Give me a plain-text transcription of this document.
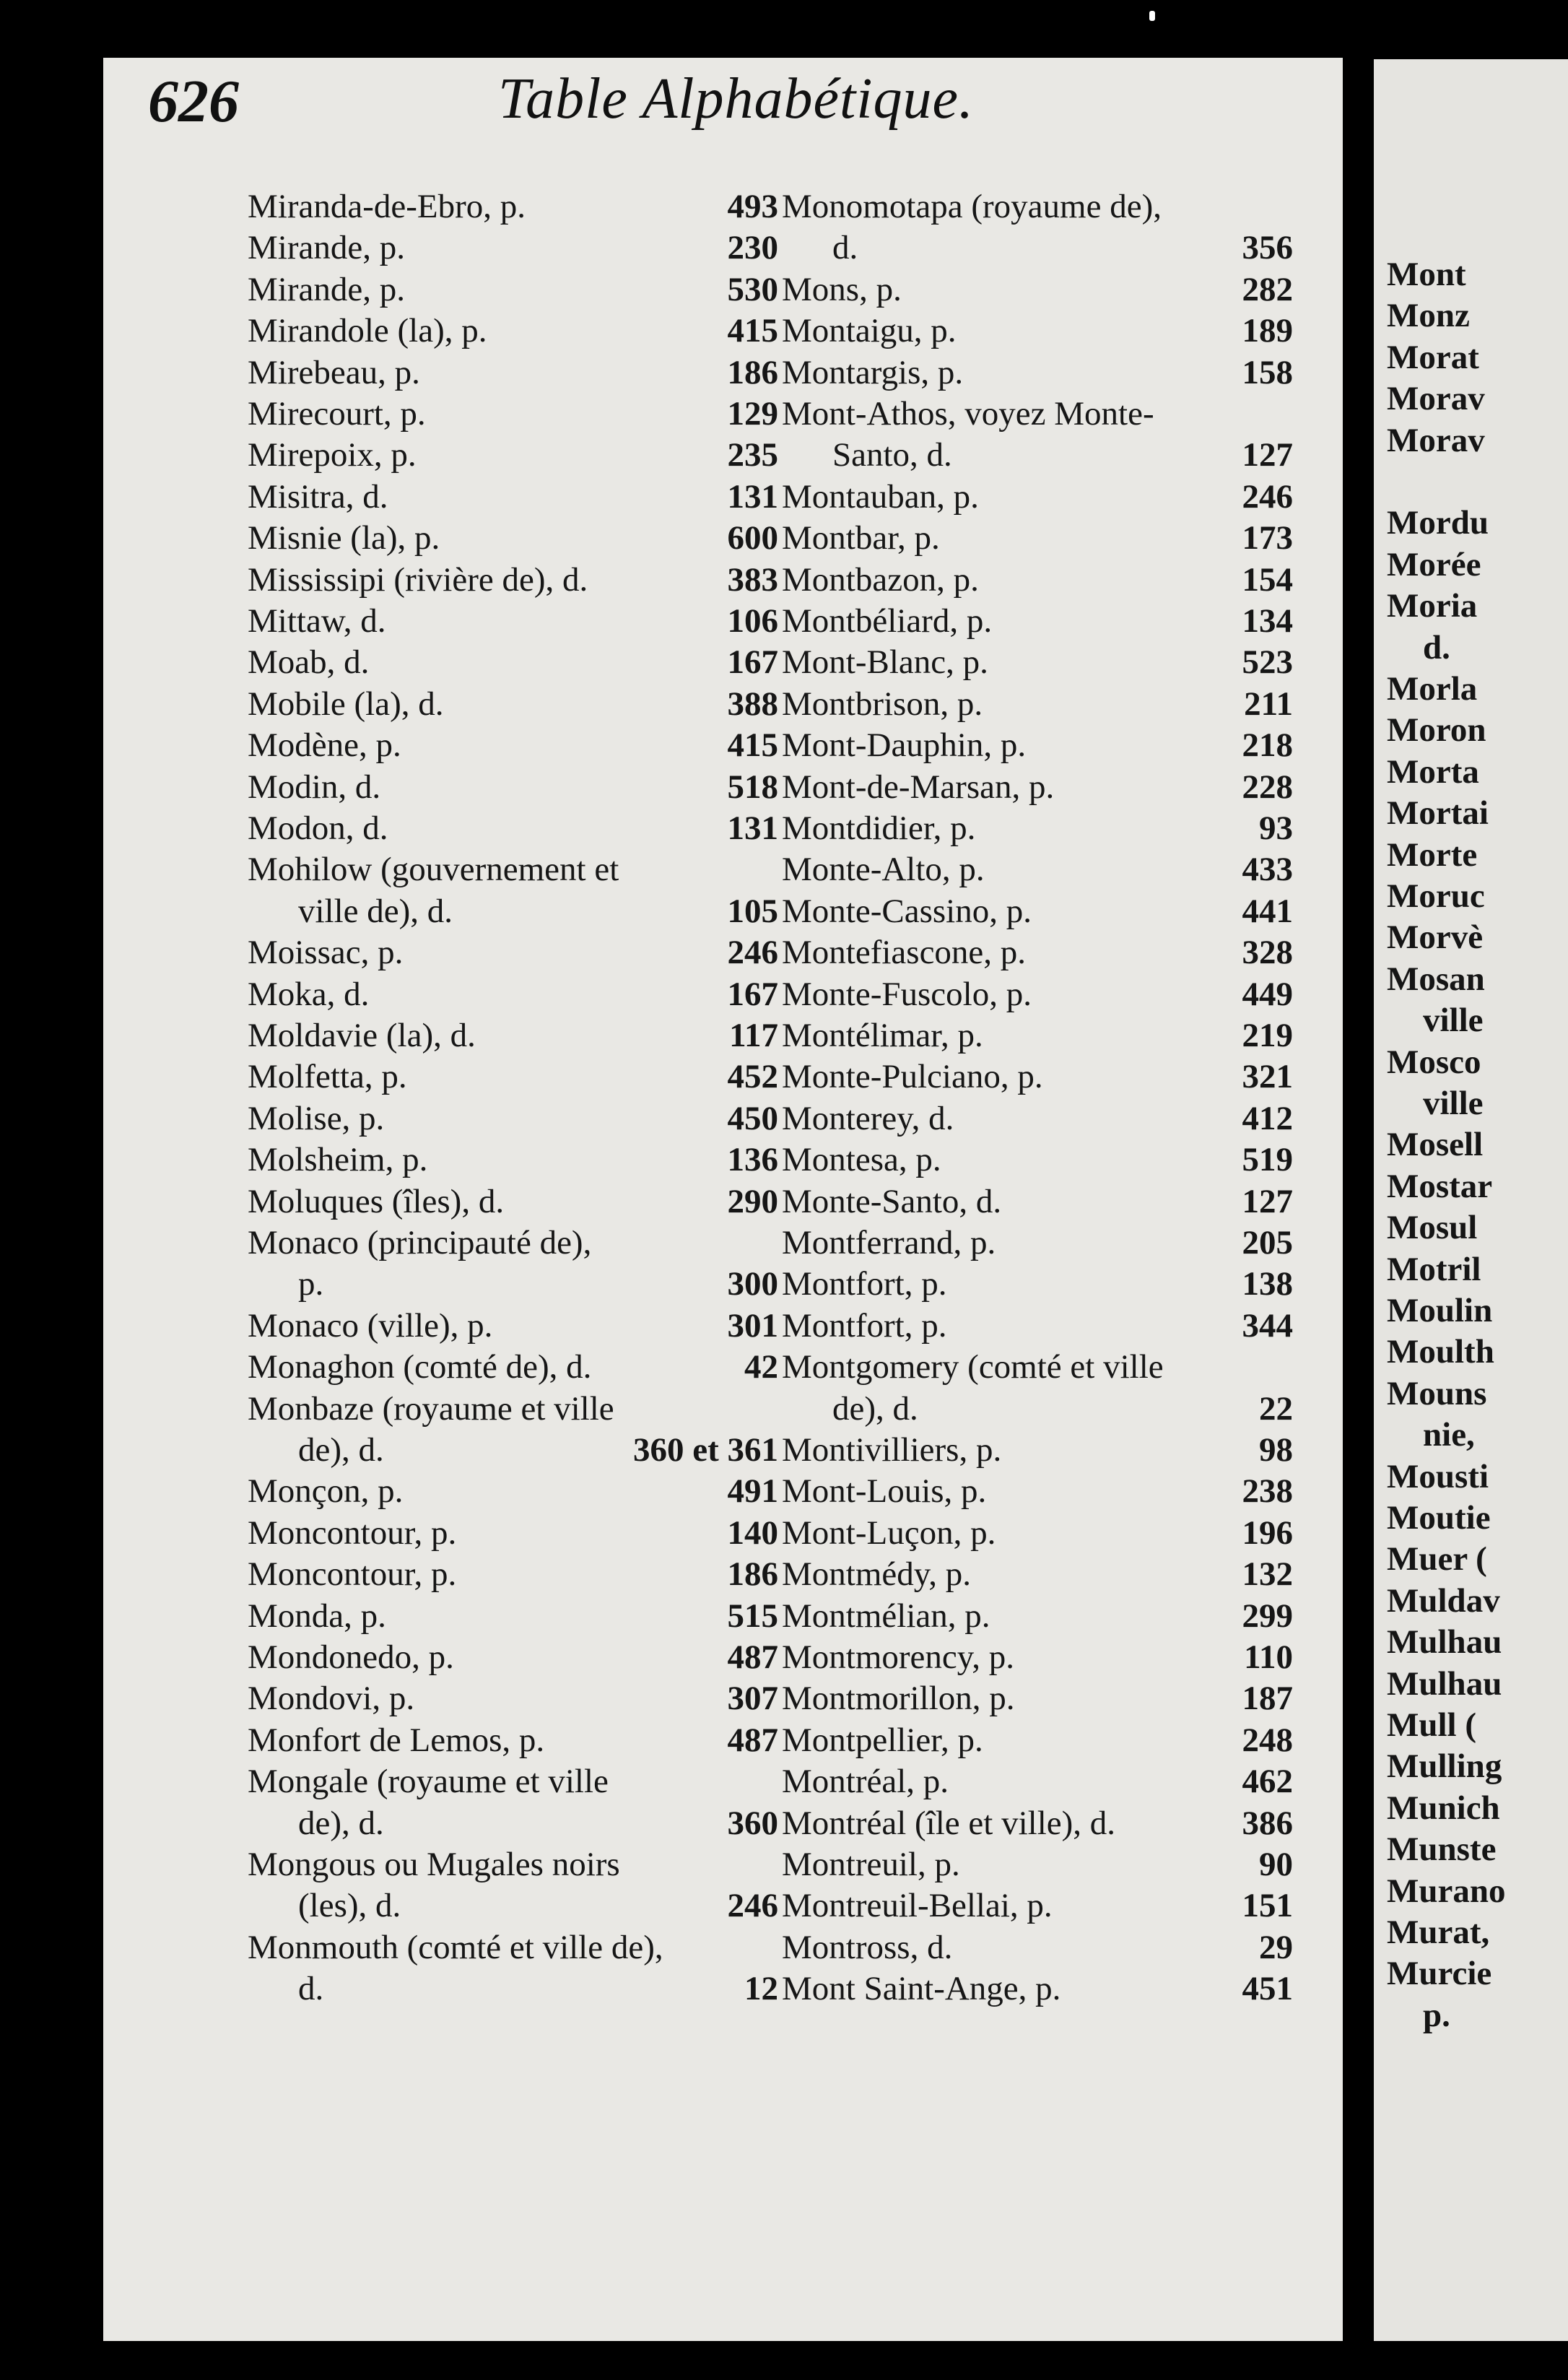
Mont
Monz
Morat
Morav
Morav
Mordu
Morée
Moria
d.
Morla
Moron
Morta
Mortai
Morte
Moruc
Morvè
Mosan
ville
Mosco
ville
Mosell
Mostar
Mosul
Motril
Moulin
Moulth
Mouns
nie,
Mousti
Moutie
Muer (
Muldav
Mulhau
Mulhau
Mull (
Mulling
Munich
Munste
Murano
Murat,
Murcie
p.
626	Table Alphabétique.
Miranda-de-Ebro, p.	493
Mirande, p.	230
Mirande, p.	530
Mirandole (la), p.	415
Mirebeau, p.	186
Mirecourt, p.	129
Mirepoix, p.	235
Misitra, d.	131
Misnie (la), p.	600
Mississipi (rivière de), d.	383
Mittaw, d.	106
Moab, d.	167
Mobile (la), d.	388
Modène, p.	415
Modin, d.	518
Modon, d.	131
Mohilow (gouvernement et
ville de), d.	105
Moissac, p.	246
Moka, d.	167
Moldavie (la), d.	117
Molfetta, p.	452
Molise, p.	450
Molsheim, p.	136
Moluques (îles), d.	290
Monaco (principauté de),
p.	300
Monaco (ville), p.	301
Monaghon (comté de), d.	42
Monbaze (royaume et ville
de), d.	360 et 361
Monçon, p.	491
Moncontour, p.	140
Moncontour, p.	186
Monda, p.	515
Mondonedo, p.	487
Mondovi, p.	307
Monfort de Lemos, p.	487
Mongale (royaume et ville
de), d.	360
Mongous ou Mugales noirs
(les), d.	246
Monmouth (comté et ville de),
d.	12
Monomotapa (royaume de),
d.	356
Mons, p.	282
Montaigu, p.	189
Montargis, p.	158
Mont-Athos, voyez Monte-
Santo, d.	127
Montauban, p.	246
Montbar, p.	173
Montbazon, p.	154
Montbéliard, p.	134
Mont-Blanc, p.	523
Montbrison, p.	211
Mont-Dauphin, p.	218
Mont-de-Marsan, p.	228
Montdidier, p.	93
Monte-Alto, p.	433
Monte-Cassino, p.	441
Montefiascone, p.	328
Monte-Fuscolo, p.	449
Montélimar, p.	219
Monte-Pulciano, p.	321
Monterey, d.	412
Montesa, p.	519
Monte-Santo, d.	127
Montferrand, p.	205
Montfort, p.	138
Montfort, p.	344
Montgomery (comté et ville
de), d.	22
Montivilliers, p.	98
Mont-Louis, p.	238
Mont-Luçon, p.	196
Montmédy, p.	132
Montmélian, p.	299
Montmorency, p.	110
Montmorillon, p.	187
Montpellier, p.	248
Montréal, p.	462
Montréal (île et ville), d.	386
Montreuil, p.	90
Montreuil-Bellai, p.	151
Montross, d.	29
Mont Saint-Ange, p.	451
